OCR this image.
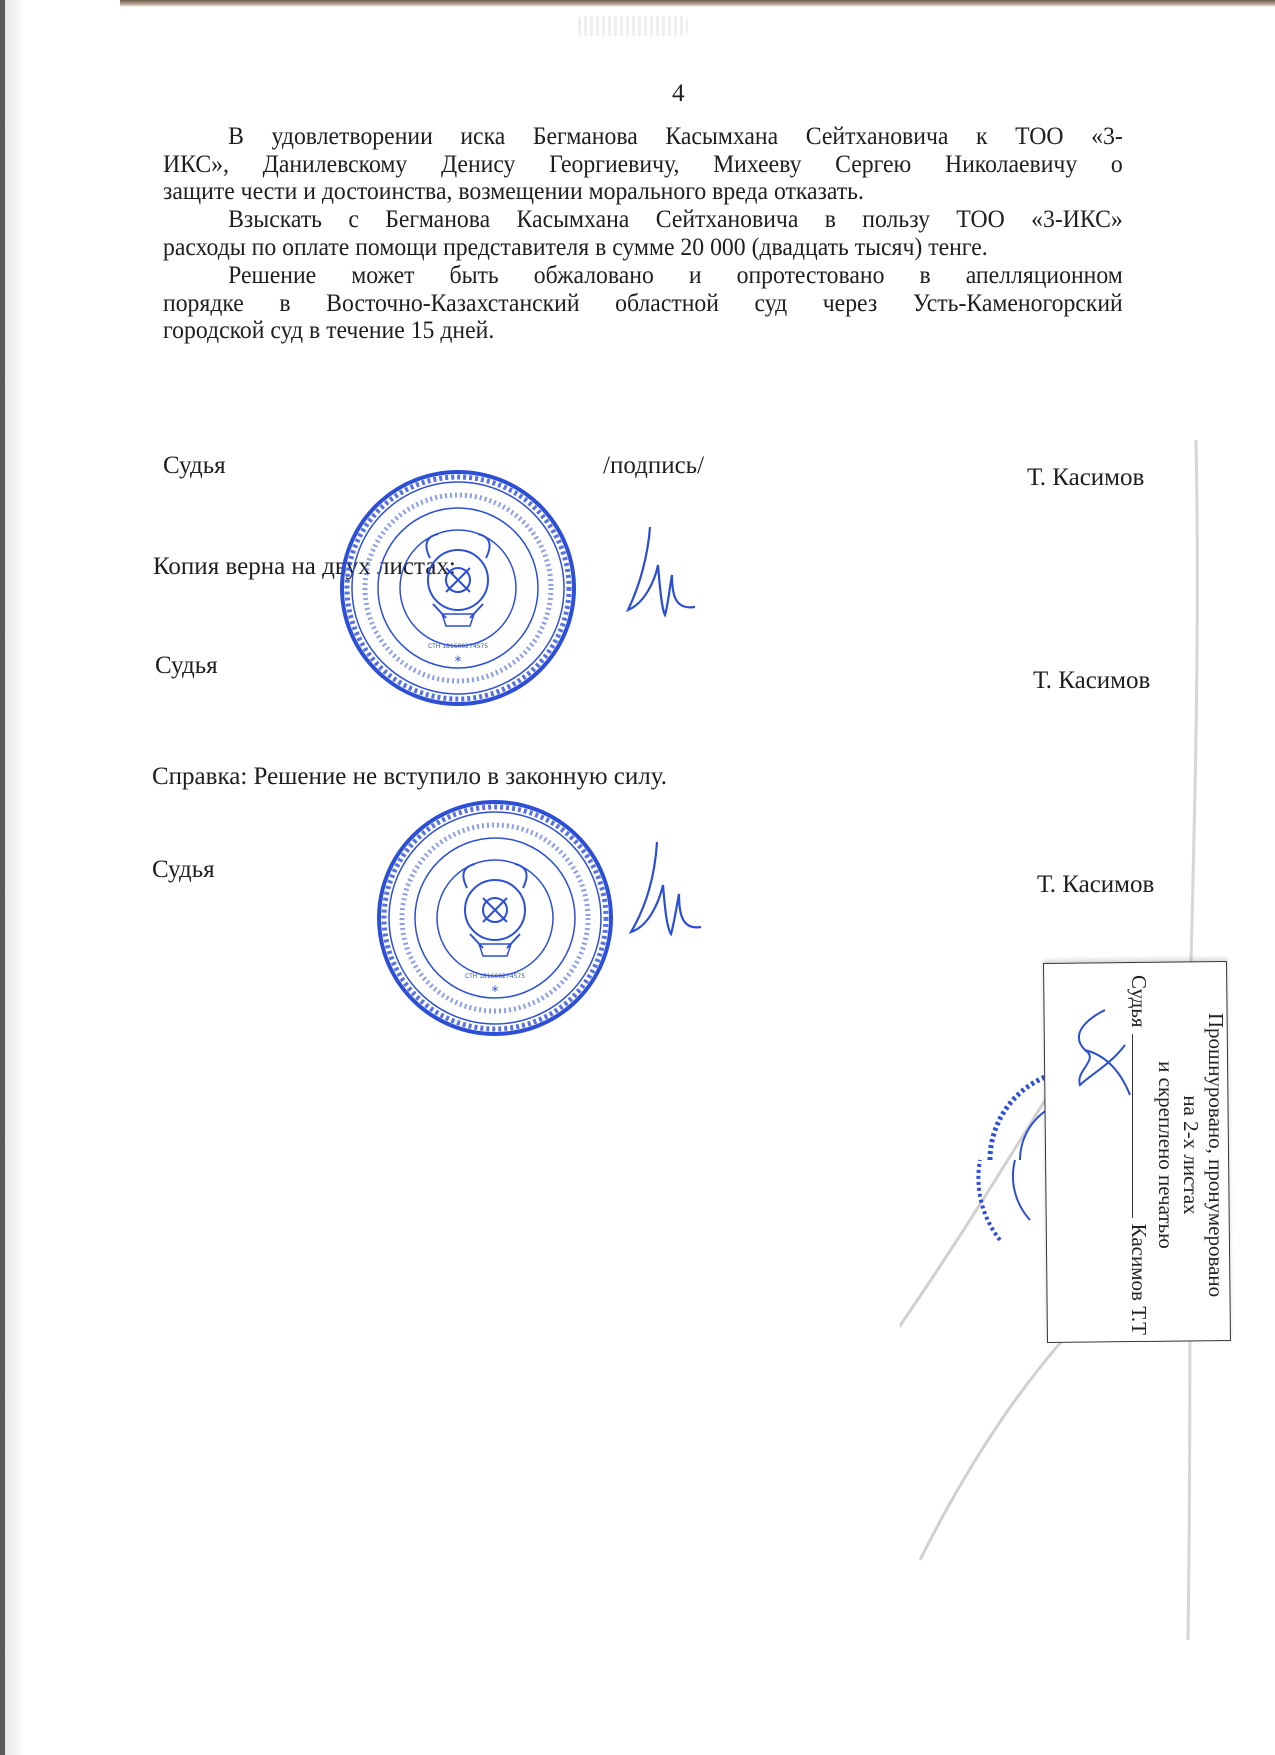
4
В удовлетворении иска Бегманова Касымхана Сейтхановича к ТОО «3-
ИКС», Данилевскому Денису Георгиевичу, Михееву Сергею Николаевичу о
защите чести и достоинства, возмещении морального вреда отказать.
Взыскать с Бегманова Касымхана Сейтхановича в пользу ТОО «3-ИКС»
расходы по оплате помощи представителя в сумме 20 000 (двадцать тысяч) тенге.
Решение может быть обжаловано и опротестовано в апелляционном
порядке в Восточно-Казахстанский областной суд через Усть-Каменогорский
городской суд в течение 15 дней.
Судья	/подпись/	Т. Касимов
Копия верна на двух листах:
Судья
Т. Касимов
Справка: Решение не вступило в законную силу.
Судья
Т. Касимов
СТН 181600274575
*
СТН 181600274575
*
Прошнуровано, пронумеровано
на 2-х листах
и скреплено печатью
Судья
Касимов Т.Т
